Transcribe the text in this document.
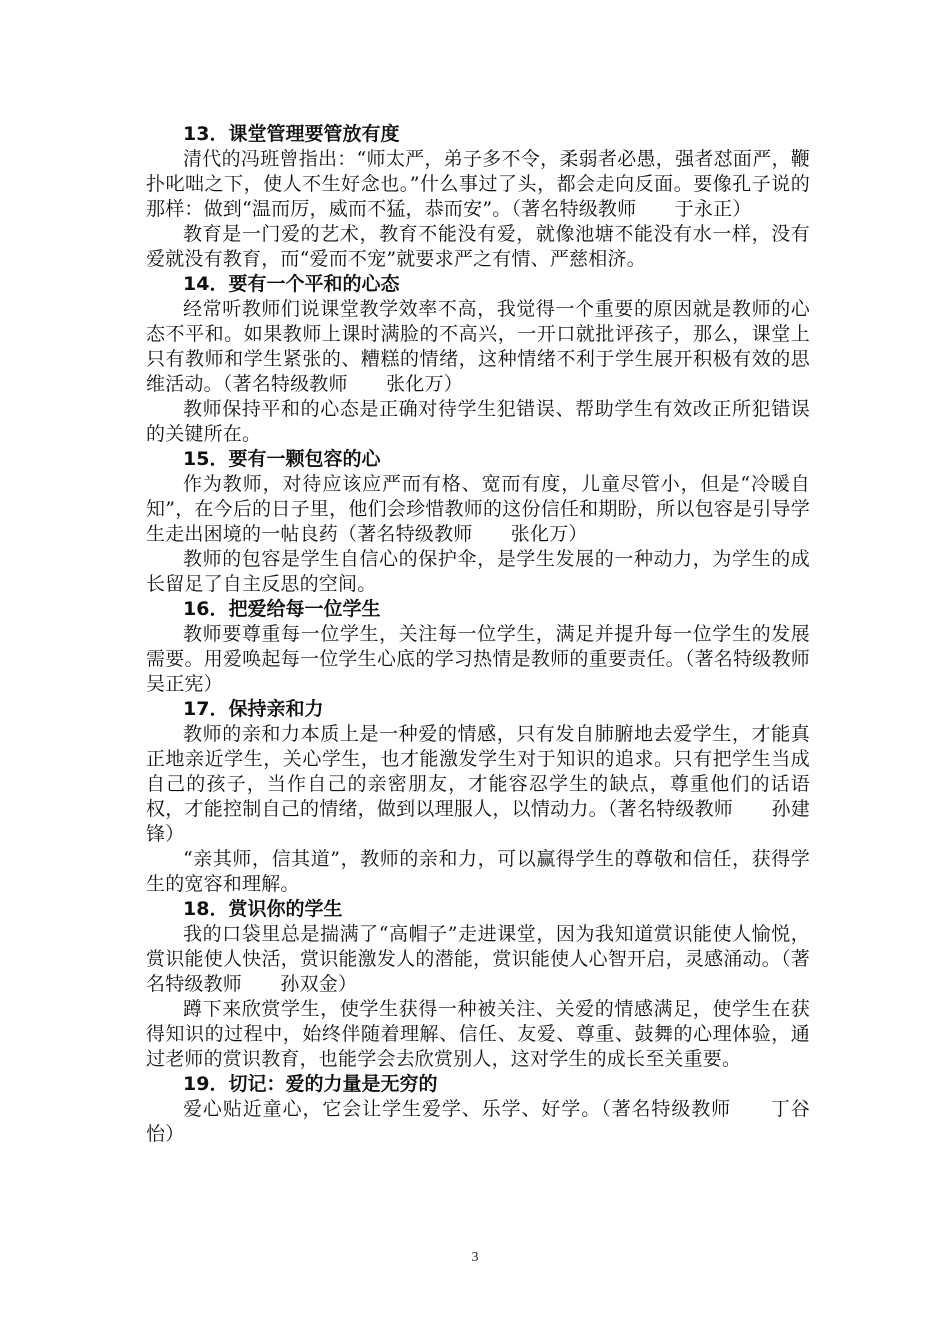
13．课堂管理要管放有度
清代的冯班曾指出：“师太严，弟子多不令，柔弱者必愚，强者怼面严，鞭扑叱咄之下，使人不生好念也。”什么事过了头，都会走向反面。要像孔子说的那样：做到“温而厉，威而不猛，恭而安”。（著名特级教师　　于永正）
教育是一门爱的艺术，教育不能没有爱，就像池塘不能没有水一样，没有爱就没有教育，而“爱而不宠”就要求严之有情、严慈相济。
14．要有一个平和的心态
经常听教师们说课堂教学效率不高，我觉得一个重要的原因就是教师的心态不平和。如果教师上课时满脸的不高兴，一开口就批评孩子，那么，课堂上只有教师和学生紧张的、糟糕的情绪，这种情绪不利于学生展开积极有效的思维活动。（著名特级教师　　张化万）
教师保持平和的心态是正确对待学生犯错误、帮助学生有效改正所犯错误的关键所在。
15．要有一颗包容的心
作为教师，对待应该应严而有格、宽而有度，儿童尽管小，但是“冷暖自知”，在今后的日子里，他们会珍惜教师的这份信任和期盼，所以包容是引导学生走出困境的一帖良药（著名特级教师　　张化万）
教师的包容是学生自信心的保护伞，是学生发展的一种动力，为学生的成长留足了自主反思的空间。
16．把爱给每一位学生
教师要尊重每一位学生，关注每一位学生，满足并提升每一位学生的发展需要。用爱唤起每一位学生心底的学习热情是教师的重要责任。（著名特级教师　　吴正宪）
17．保持亲和力
教师的亲和力本质上是一种爱的情感，只有发自肺腑地去爱学生，才能真正地亲近学生，关心学生，也才能激发学生对于知识的追求。只有把学生当成自己的孩子，当作自己的亲密朋友，才能容忍学生的缺点，尊重他们的话语权，才能控制自己的情绪，做到以理服人，以情动力。（著名特级教师　　孙建锋）
“亲其师，信其道”，教师的亲和力，可以赢得学生的尊敬和信任，获得学生的宽容和理解。
18．赏识你的学生
我的口袋里总是揣满了“高帽子”走进课堂，因为我知道赏识能使人愉悦，赏识能使人快活，赏识能激发人的潜能，赏识能使人心智开启，灵感涌动。（著名特级教师　　孙双金）
蹲下来欣赏学生，使学生获得一种被关注、关爱的情感满足，使学生在获得知识的过程中，始终伴随着理解、信任、友爱、尊重、鼓舞的心理体验，通过老师的赏识教育，也能学会去欣赏别人，这对学生的成长至关重要。
19．切记：爱的力量是无穷的
爱心贴近童心，它会让学生爱学、乐学、好学。（著名特级教师　　丁谷怡）
3
